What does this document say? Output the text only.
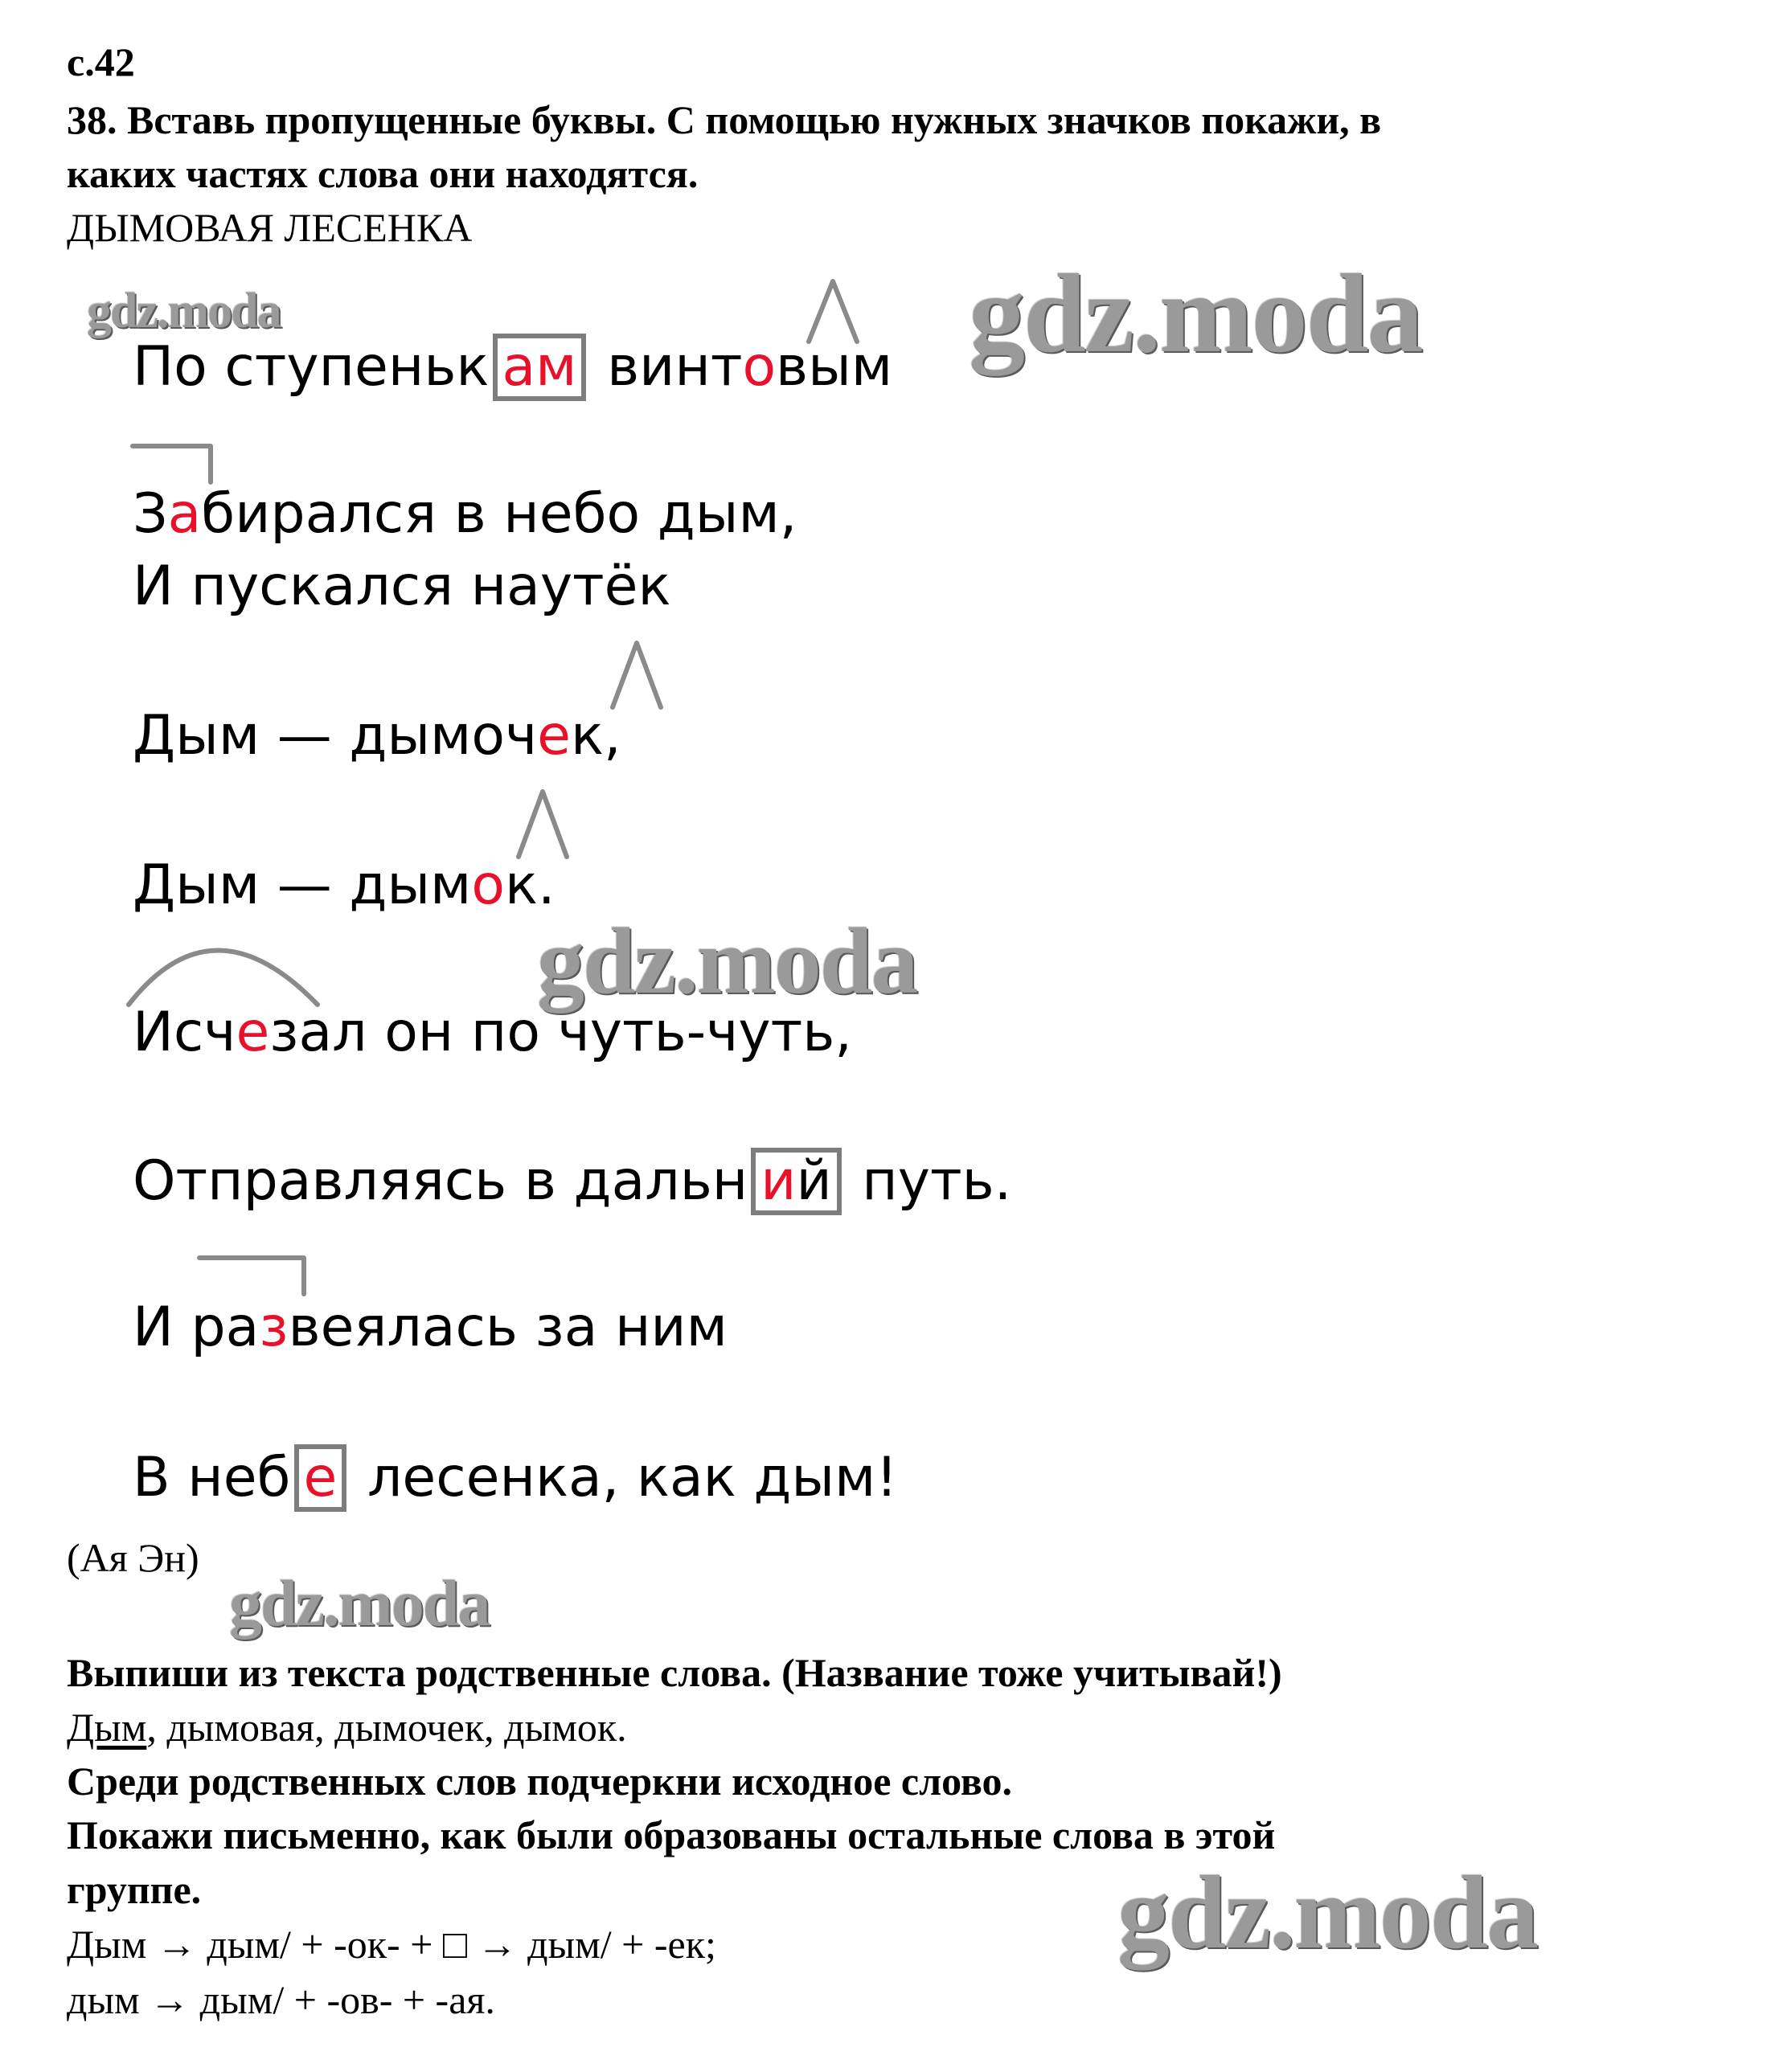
с.42
38. Вставь пропущенные буквы. С помощью нужных значков покажи, в
каких частях слова они находятся.
ДЫМОВАЯ ЛЕСЕНКА
По ступеньк ам винтовым
Забирался в небо дым,
И пускался наутёк
Дым — дымочек,
Дым — дымок.
Исчезал он по чуть-чуть,
Отправляясь в дальн ий путь.
И развеялась за ним
В неб е лесенка, как дым!
(Ая Эн)
Выпиши из текста родственные слова. (Название тоже учитывай!)
Дым, дымовая, дымочек, дымок.
Среди родственных слов подчеркни исходное слово.
Покажи письменно, как были образованы остальные слова в этой
группе.
Дым → дым/ + -ок- + □ → дым/ + -ек;
дым → дым/ + -ов- + -ая.
gdz.moda	gdz.moda
gdz.moda
gdz.moda
gdz.moda
